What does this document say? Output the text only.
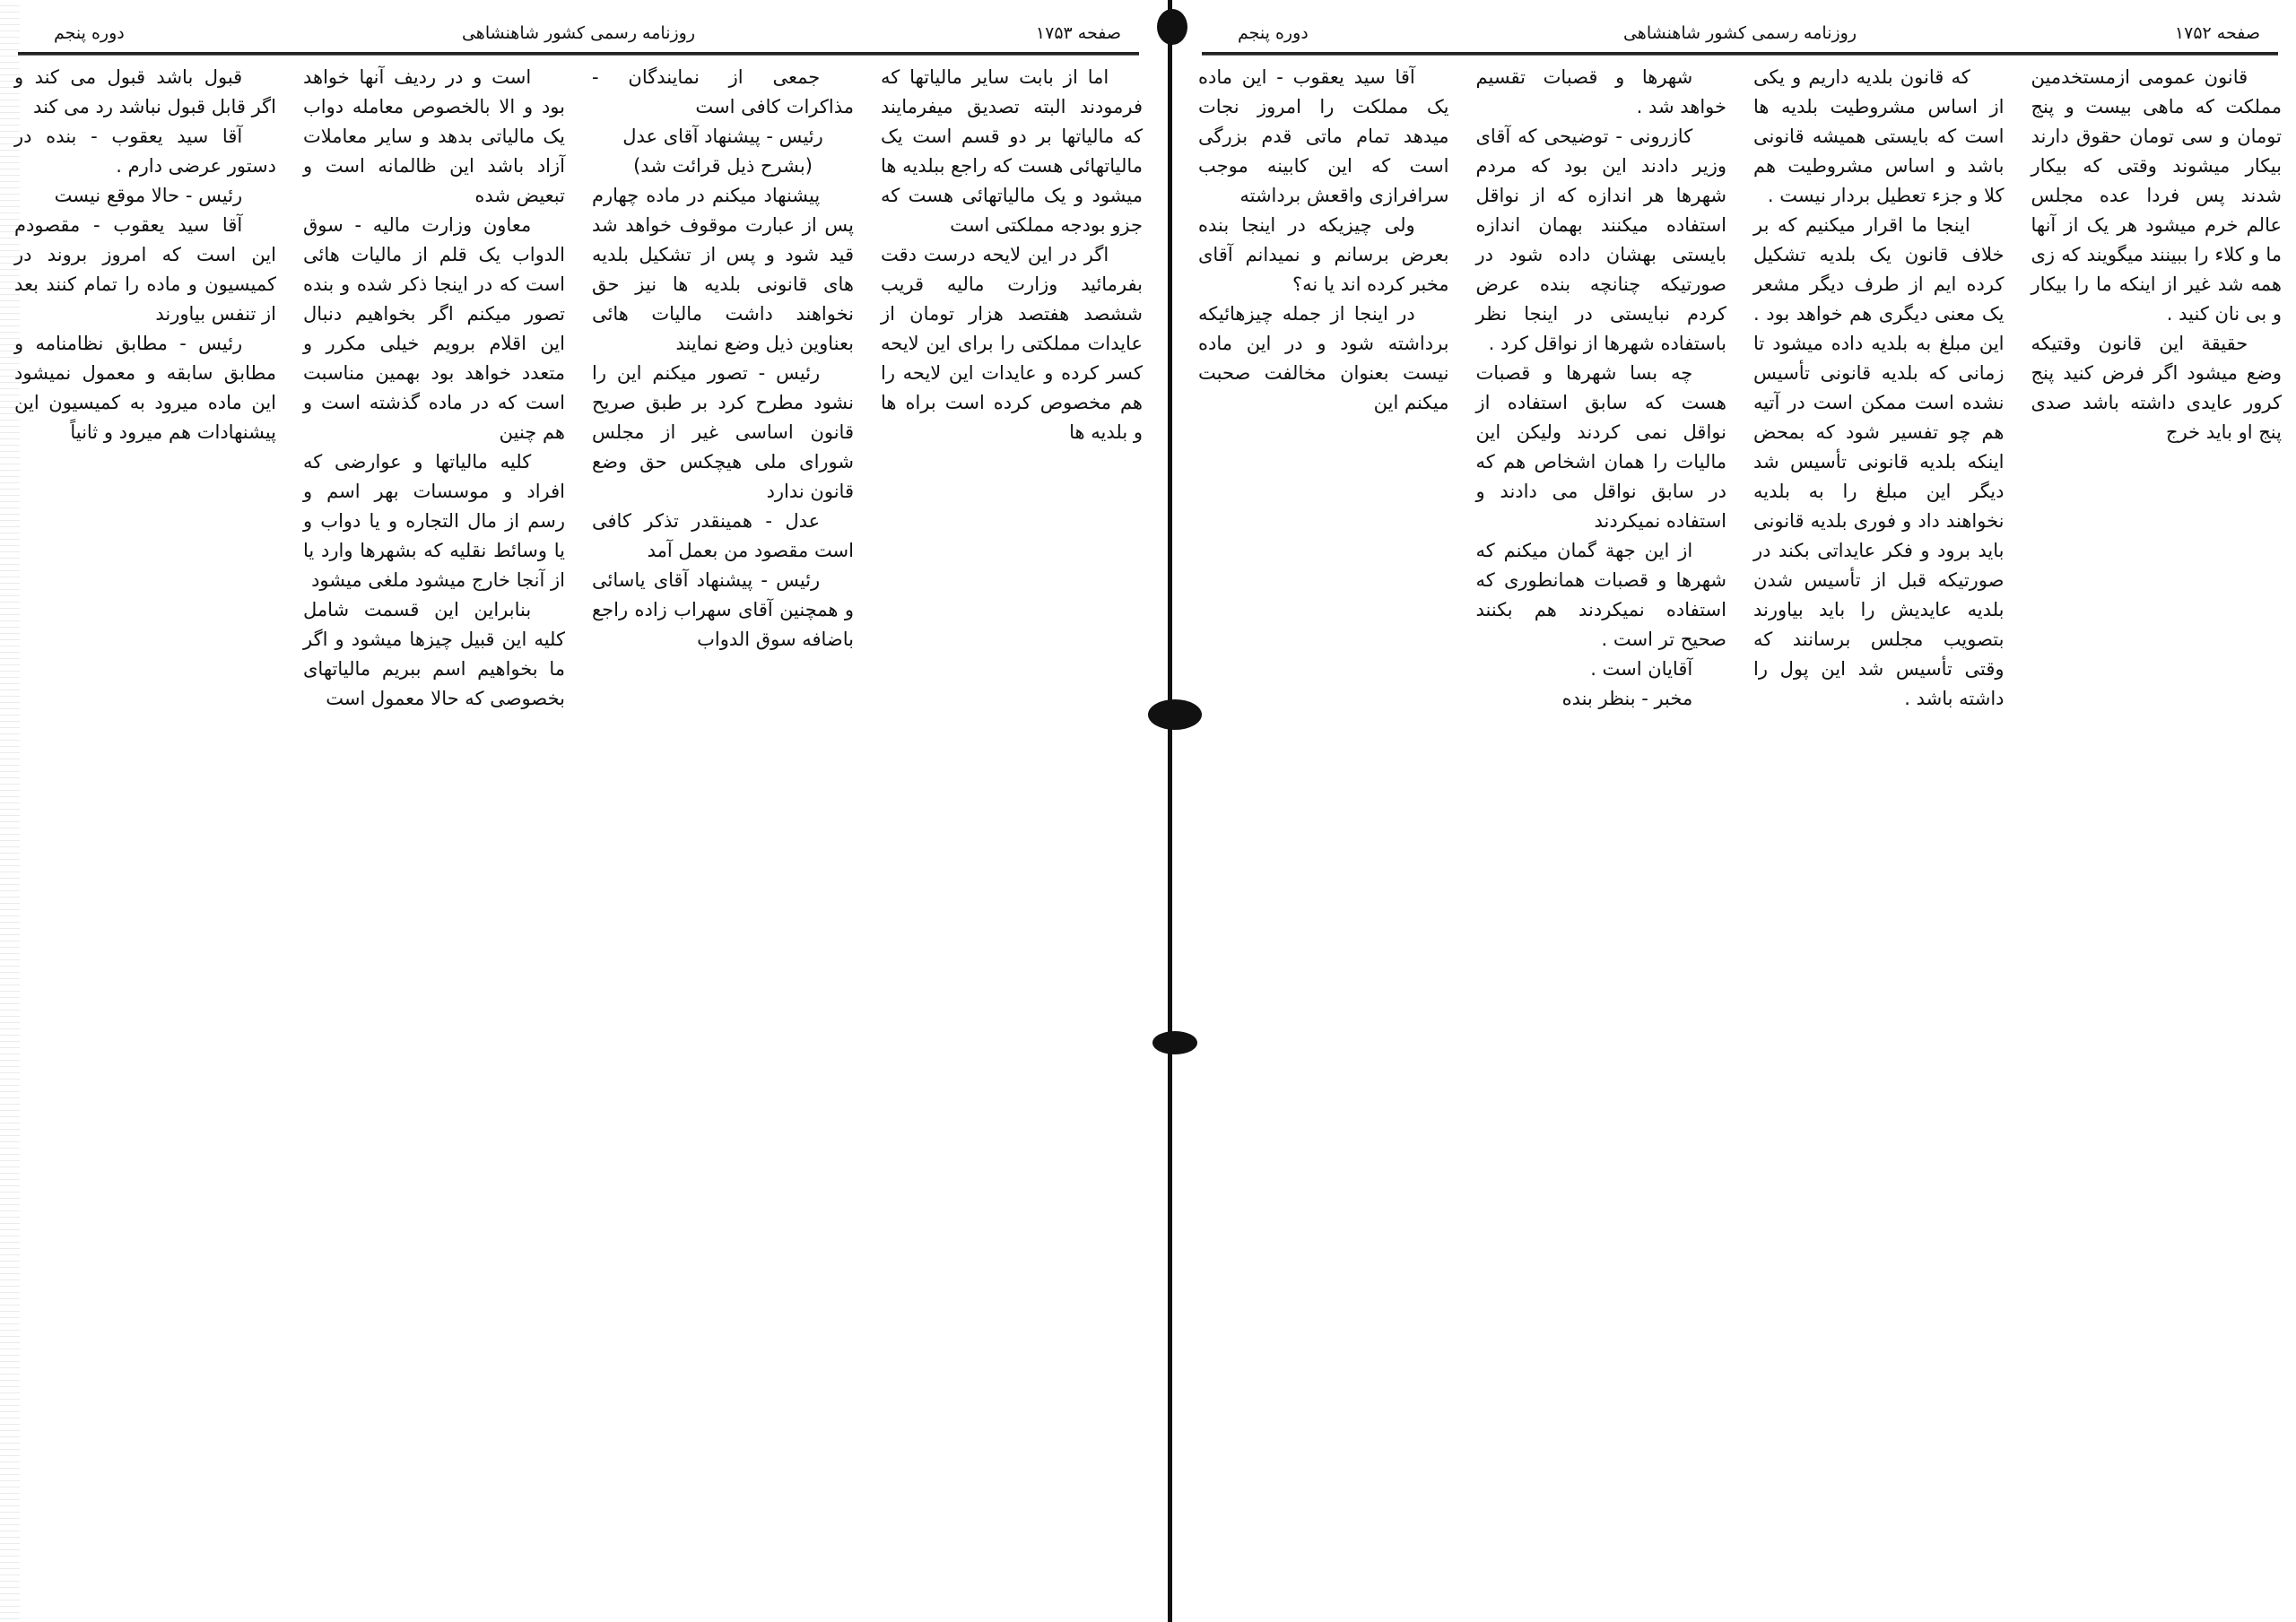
صفحه ۱۷۵۳
روزنامه رسمی کشور شاهنشاهی
دوره پنجم

اما از بابت سایر مالیاتها که فرمودند البته تصدیق میفرمایند که مالیاتها بر دو قسم است یک مالیاتهائی هست که راجع ببلدیه ها میشود و یک مالیاتهائی هست که جزو بودجه مملکتی است

اگر در این لایحه درست دقت بفرمائید وزارت مالیه قریب ششصد هفتصد هزار تومان از عایدات مملکتی را برای این لایحه کسر کرده و عایدات این لایحه را هم مخصوص کرده است براه ها و بلدیه ها

جمعی از نمایندگان - مذاکرات کافی است

رئیس - پیشنهاد آقای عدل

(بشرح ذیل قرائت شد)

پیشنهاد میکنم در ماده چهارم پس از عبارت موقوف خواهد شد قید شود و پس از تشکیل بلدیه های قانونی بلدیه ها نیز حق نخواهند داشت مالیات هائی بعناوین ذیل وضع نمایند

رئیس - تصور میکنم این را نشود مطرح کرد بر طبق صریح قانون اساسی غیر از مجلس شورای ملی هیچکس حق وضع قانون ندارد

عدل - همینقدر تذکر کافی است مقصود من بعمل آمد

رئیس - پیشنهاد آقای یاسائی و همچنین آقای سهراب زاده راجع باضافه سوق الدواب

است و در ردیف آنها خواهد بود و الا بالخصوص معامله دواب یک مالیاتی بدهد و سایر معاملات آزاد باشد این ظالمانه است و تبعیض شده

معاون وزارت مالیه - سوق الدواب یک قلم از مالیات هائی است که در اینجا ذکر شده و بنده تصور میکنم اگر بخواهیم دنبال این اقلام برویم خیلی مکرر و متعدد خواهد بود بهمین مناسبت است که در ماده گذشته است و هم چنین

کلیه مالیاتها و عوارضی که افراد و موسسات بهر اسم و رسم از مال التجاره و یا دواب و یا وسائط نقلیه که بشهرها وارد یا از آنجا خارج میشود ملغی میشود

بنابراین این قسمت شامل کلیه این قبیل چیزها میشود و اگر ما بخواهیم اسم ببریم مالیاتهای بخصوصی که حالا معمول است

قبول باشد قبول می کند و اگر قابل قبول نباشد رد می کند

آقا سید یعقوب - بنده در دستور عرضی دارم .

رئیس - حالا موقع نیست

آقا سید یعقوب - مقصودم این است که امروز بروند در کمیسیون و ماده را تمام کنند بعد از تنفس بیاورند

رئیس - مطابق نظامنامه و مطابق سابقه و معمول نمیشود این ماده میرود به کمیسیون این پیشنهادات هم میرود و ثانیاً

صفحه ۱۷۵۲
روزنامه رسمی کشور شاهنشاهی
دوره پنجم

قانون عمومی ازمستخدمین مملکت که ماهی بیست و پنج تومان و سی تومان حقوق دارند بیکار میشوند وقتی که بیکار شدند پس فردا عده مجلس عالم خرم میشود هر یک از آنها ما و کلاء را ببینند میگویند که زی همه شد غیر از اینکه ما را بیکار و بی نان کنید .

حقیقة این قانون وقتیکه وضع میشود اگر فرض کنید پنج کرور عایدی داشته باشد صدی پنج او باید خرج

که قانون بلدیه داریم و یکی از اساس مشروطیت بلدیه ها است که بایستی همیشه قانونی باشد و اساس مشروطیت هم کلا و جزء تعطیل بردار نیست .

اینجا ما اقرار میکنیم که بر خلاف قانون یک بلدیه تشکیل کرده ایم از طرف دیگر مشعر یک معنی دیگری هم خواهد بود . این مبلغ به بلدیه داده میشود تا زمانی که بلدیه قانونی تأسیس نشده است ممکن است در آتیه هم چو تفسیر شود که بمحض اینکه بلدیه قانونی تأسیس شد دیگر این مبلغ را به بلدیه نخواهند داد و فوری بلدیه قانونی باید برود و فکر عایداتی بکند در صورتیکه قبل از تأسیس شدن بلدیه عایدیش را باید بیاورند بتصویب مجلس برسانند که وقتی تأسیس شد این پول را داشته باشد .

شهرها و قصبات تقسیم خواهد شد .

کازرونی - توضیحی که آقای وزیر دادند این بود که مردم شهرها هر اندازه که از نواقل استفاده میکنند بهمان اندازه بایستی بهشان داده شود در صورتیکه چنانچه بنده عرض کردم نبایستی در اینجا نظر باستفاده شهرها از نواقل کرد .

چه بسا شهرها و قصبات هست که سابق استفاده از نواقل نمی کردند ولیکن این مالیات را همان اشخاص هم که در سابق نواقل می دادند و استفاده نمیکردند

از این جهة گمان میکنم که شهرها و قصبات همانطوری که استفاده نمیکردند هم بکنند صحیح تر است .

آقایان است .

مخبر - بنظر بنده

آقا سید یعقوب - این ماده یک مملکت را امروز نجات میدهد تمام ماتی قدم بزرگی است که این کابینه موجب سرافرازی واقعش برداشته

ولی چیزیکه در اینجا بنده بعرض برسانم و نمیدانم آقای مخبر کرده اند یا نه؟

در اینجا از جمله چیزهائیکه برداشته شود و در این ماده نیست بعنوان مخالفت صحبت میکنم این
